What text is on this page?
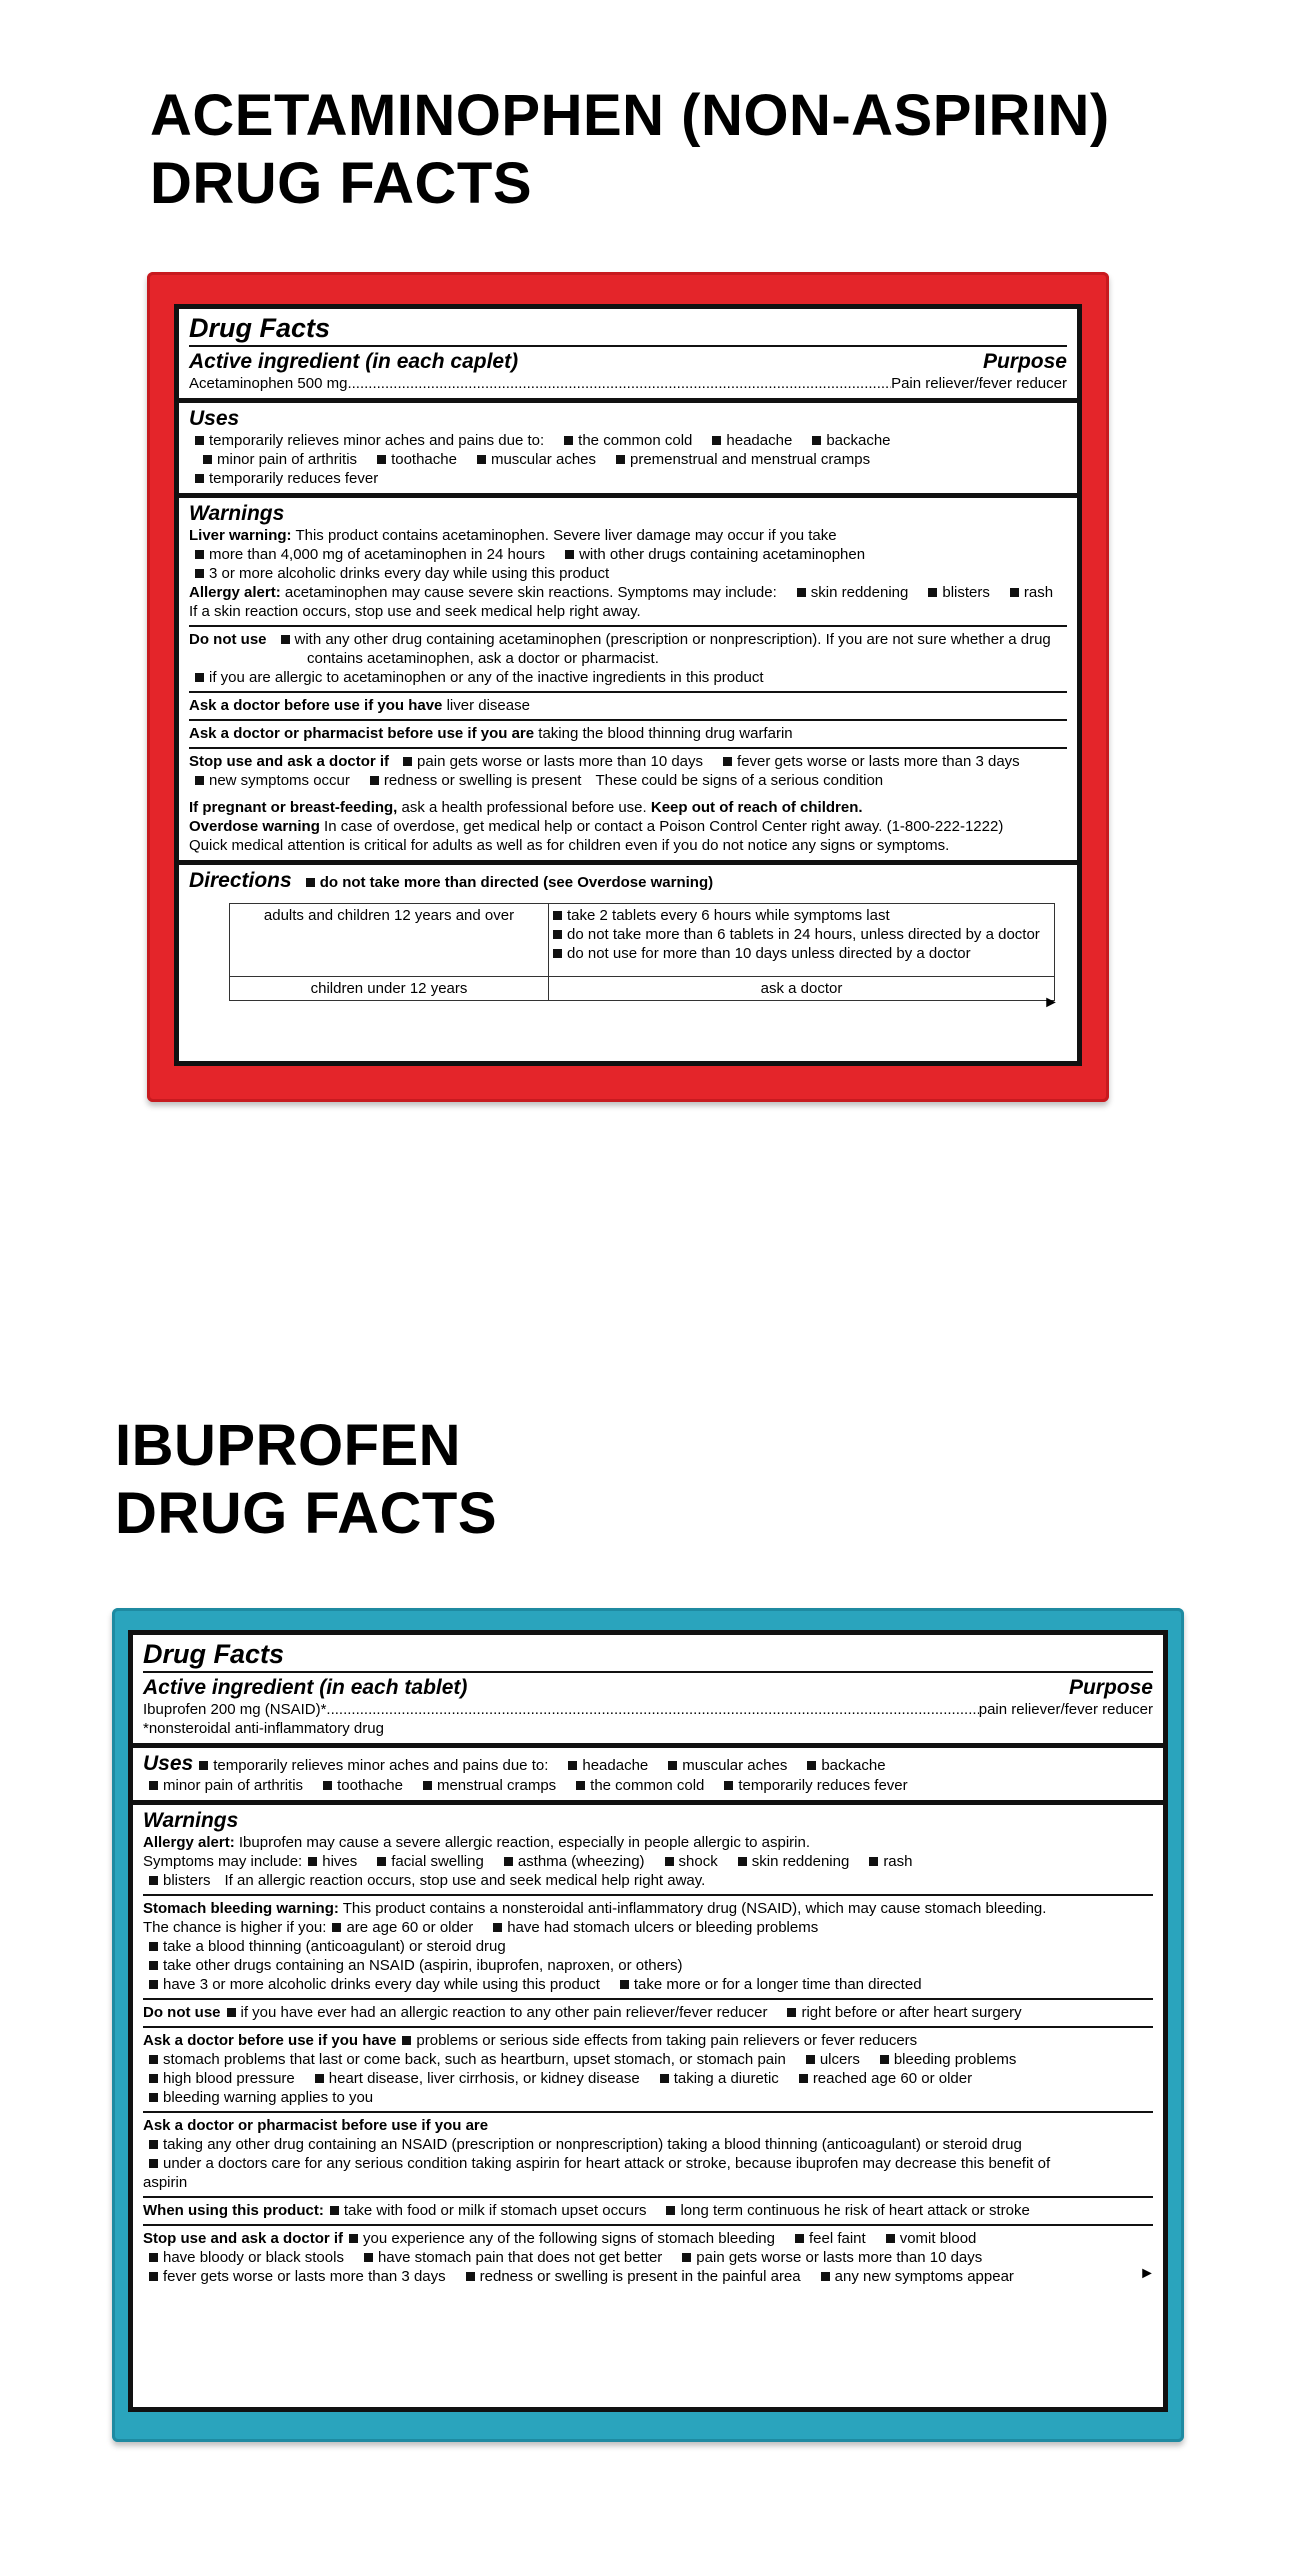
ACETAMINOPHEN (NON-ASPIRIN)
DRUG FACTS
Drug Facts
Active ingredient (in each caplet)	Purpose
Acetaminophen 500 mg .....	Pain reliever/fever reducer
Uses
temporarily relieves minor aches and pains due to: the common cold headache backache
minor pain of arthritis toothache muscular aches premenstrual and menstrual cramps
temporarily reduces fever
Warnings
Liver warning: This product contains acetaminophen. Severe liver damage may occur if you take
more than 4,000 mg of acetaminophen in 24 hours with other drugs containing acetaminophen
3 or more alcoholic drinks every day while using this product
Allergy alert: acetaminophen may cause severe skin reactions. Symptoms may include: skin reddening blisters rash
If a skin reaction occurs, stop use and seek medical help right away.
Do not use with any other drug containing acetaminophen (prescription or nonprescription). If you are not sure whether a drug
contains acetaminophen, ask a doctor or pharmacist.
if you are allergic to acetaminophen or any of the inactive ingredients in this product
Ask a doctor before use if you have liver disease
Ask a doctor or pharmacist before use if you are taking the blood thinning drug warfarin
Stop use and ask a doctor if pain gets worse or lasts more than 10 days fever gets worse or lasts more than 3 days
new symptoms occur redness or swelling is present These could be signs of a serious condition
If pregnant or breast-feeding, ask a health professional before use. Keep out of reach of children.
Overdose warning In case of overdose, get medical help or contact a Poison Control Center right away. (1-800-222-1222)
Quick medical attention is critical for adults as well as for children even if you do not notice any signs or symptoms.
Directions do not take more than directed (see Overdose warning)
adults and children 12 years and over	take 2 tablets every 6 hours while symptoms last
do not take more than 6 tablets in 24 hours, unless directed by a doctor
do not use for more than 10 days unless directed by a doctor

children under 12 years	ask a doctor
►
IBUPROFEN
DRUG FACTS
Drug Facts
Active ingredient (in each tablet)	Purpose
Ibuprofen 200 mg (NSAID)* .....	pain reliever/fever reducer
*nonsteroidal anti-inflammatory drug
Uses temporarily relieves minor aches and pains due to: headache muscular aches backache
minor pain of arthritis toothache menstrual cramps the common cold temporarily reduces fever
Warnings
Allergy alert: Ibuprofen may cause a severe allergic reaction, especially in people allergic to aspirin.
Symptoms may include: hives facial swelling asthma (wheezing) shock skin reddening rash
blisters If an allergic reaction occurs, stop use and seek medical help right away.
Stomach bleeding warning: This product contains a nonsteroidal anti-inflammatory drug (NSAID), which may cause stomach bleeding.
The chance is higher if you: are age 60 or older have had stomach ulcers or bleeding problems
take a blood thinning (anticoagulant) or steroid drug
take other drugs containing an NSAID (aspirin, ibuprofen, naproxen, or others)
have 3 or more alcoholic drinks every day while using this product take more or for a longer time than directed
Do not use if you have ever had an allergic reaction to any other pain reliever/fever reducer right before or after heart surgery
Ask a doctor before use if you have problems or serious side effects from taking pain relievers or fever reducers
stomach problems that last or come back, such as heartburn, upset stomach, or stomach pain ulcers bleeding problems
high blood pressure heart disease, liver cirrhosis, or kidney disease taking a diuretic reached age 60 or older
bleeding warning applies to you
Ask a doctor or pharmacist before use if you are
taking any other drug containing an NSAID (prescription or nonprescription) taking a blood thinning (anticoagulant) or steroid drug
under a doctors care for any serious condition taking aspirin for heart attack or stroke, because ibuprofen may decrease this benefit of
aspirin
When using this product: take with food or milk if stomach upset occurs long term continuous he risk of heart attack or stroke
Stop use and ask a doctor if you experience any of the following signs of stomach bleeding feel faint vomit blood
have bloody or black stools have stomach pain that does not get better pain gets worse or lasts more than 10 days
fever gets worse or lasts more than 3 days redness or swelling is present in the painful area any new symptoms appear	►
